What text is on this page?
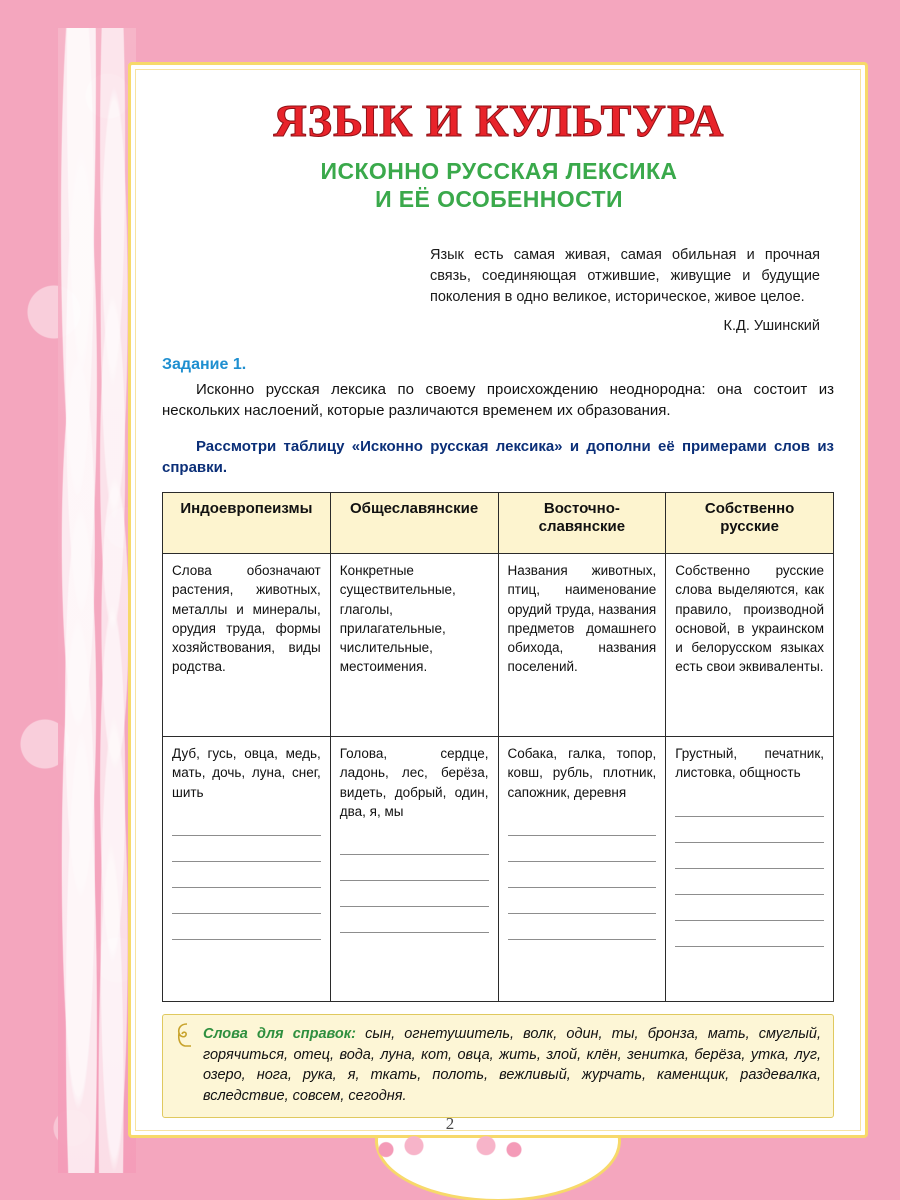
ЯЗЫК И КУЛЬТУРА
ИСКОННО РУССКАЯ ЛЕКСИКА
И ЕЁ ОСОБЕННОСТИ
Язык есть самая живая, самая обильная и прочная связь, соединяющая отжившие, живущие и будущие поколения в одно великое, историческое, живое целое.
К.Д. Ушинский
Задание 1.
Исконно русская лексика по своему происхождению неоднородна: она состоит из нескольких наслоений, которые различаются временем их образования.
Рассмотри таблицу «Исконно русская лексика» и дополни её примерами слов из справки.
Индоевропеизмы	Общеславянские	Восточно- славянские	Собственно русские
Слова обозначают растения, животных, металлы и минералы, орудия труда, формы хозяйствования, виды родства.	Конкретные существительные, глаголы, прилагательные, числительные, местоимения.	Названия животных, птиц, наименование орудий труда, названия предметов домашнего обихода, названия поселений.	Собственно русские слова выделяются, как правило, производной основой, в украинском и белорусском языках есть свои эквиваленты.

Дуб, гусь, овца, медь, мать, дочь, луна, снег, шить	Голова, сердце, ладонь, лес, берёза, видеть, добрый, один, два, я, мы	Собака, галка, топор, ковш, рубль, плотник, сапожник, деревня	Грустный, печатник, листовка, общность
Слова для справок: сын, огнетушитель, волк, один, ты, бронза, мать, смуглый, горячиться, отец, вода, луна, кот, овца, жить, злой, клён, зенитка, берёза, утка, луг, озеро, нога, рука, я, ткать, полоть, вежливый, журчать, каменщик, раздевалка, вследствие, совсем, сегодня.
2
